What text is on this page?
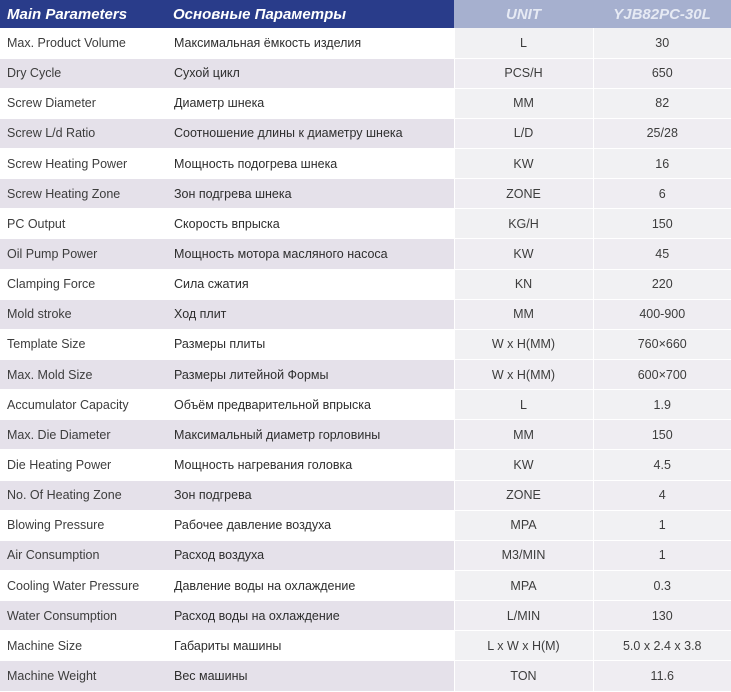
Main Parameters	Основные Параметры	UNIT	YJB82PC-30L
Max. Product Volume	Максимальная ёмкость изделия	L	30
Dry Cycle	Сухой цикл	PCS/H	650
Screw Diameter	Диаметр шнека	MM	82
Screw L/d Ratio	Соотношение длины к диаметру шнека	L/D	25/28
Screw Heating Power	Мощность подогрева шнека	KW	16
Screw Heating Zone	Зон подгрева шнека	ZONE	6
PC Output	Скорость впрыска	KG/H	150
Oil Pump Power	Мощность мотора масляного насоса	KW	45
Clamping Force	Сила сжатия	KN	220
Mold stroke	Ход плит	MM	400-900
Template Size	Размеры плиты	W x H(MM)	760×660
Max. Mold Size	Размеры литейной Формы	W x H(MM)	600×700
Accumulator Capacity	Объём предварительной впрыска	L	1.9
Max. Die Diameter	Максимальный диаметр горловины	MM	150
Die Heating Power	Мощность нагревания головка	KW	4.5
No. Of Heating Zone	Зон подгрева	ZONE	4
Blowing Pressure	Рабочее давление воздуха	MPA	1
Air Consumption	Расход воздуха	M3/MIN	1
Cooling Water Pressure	Давление воды на охлаждение	MPA	0.3
Water Consumption	Расход воды на охлаждение	L/MIN	130
Machine Size	Габариты машины	L x W x H(M)	5.0 x 2.4 x 3.8
Machine Weight	Вес машины	TON	11.6
